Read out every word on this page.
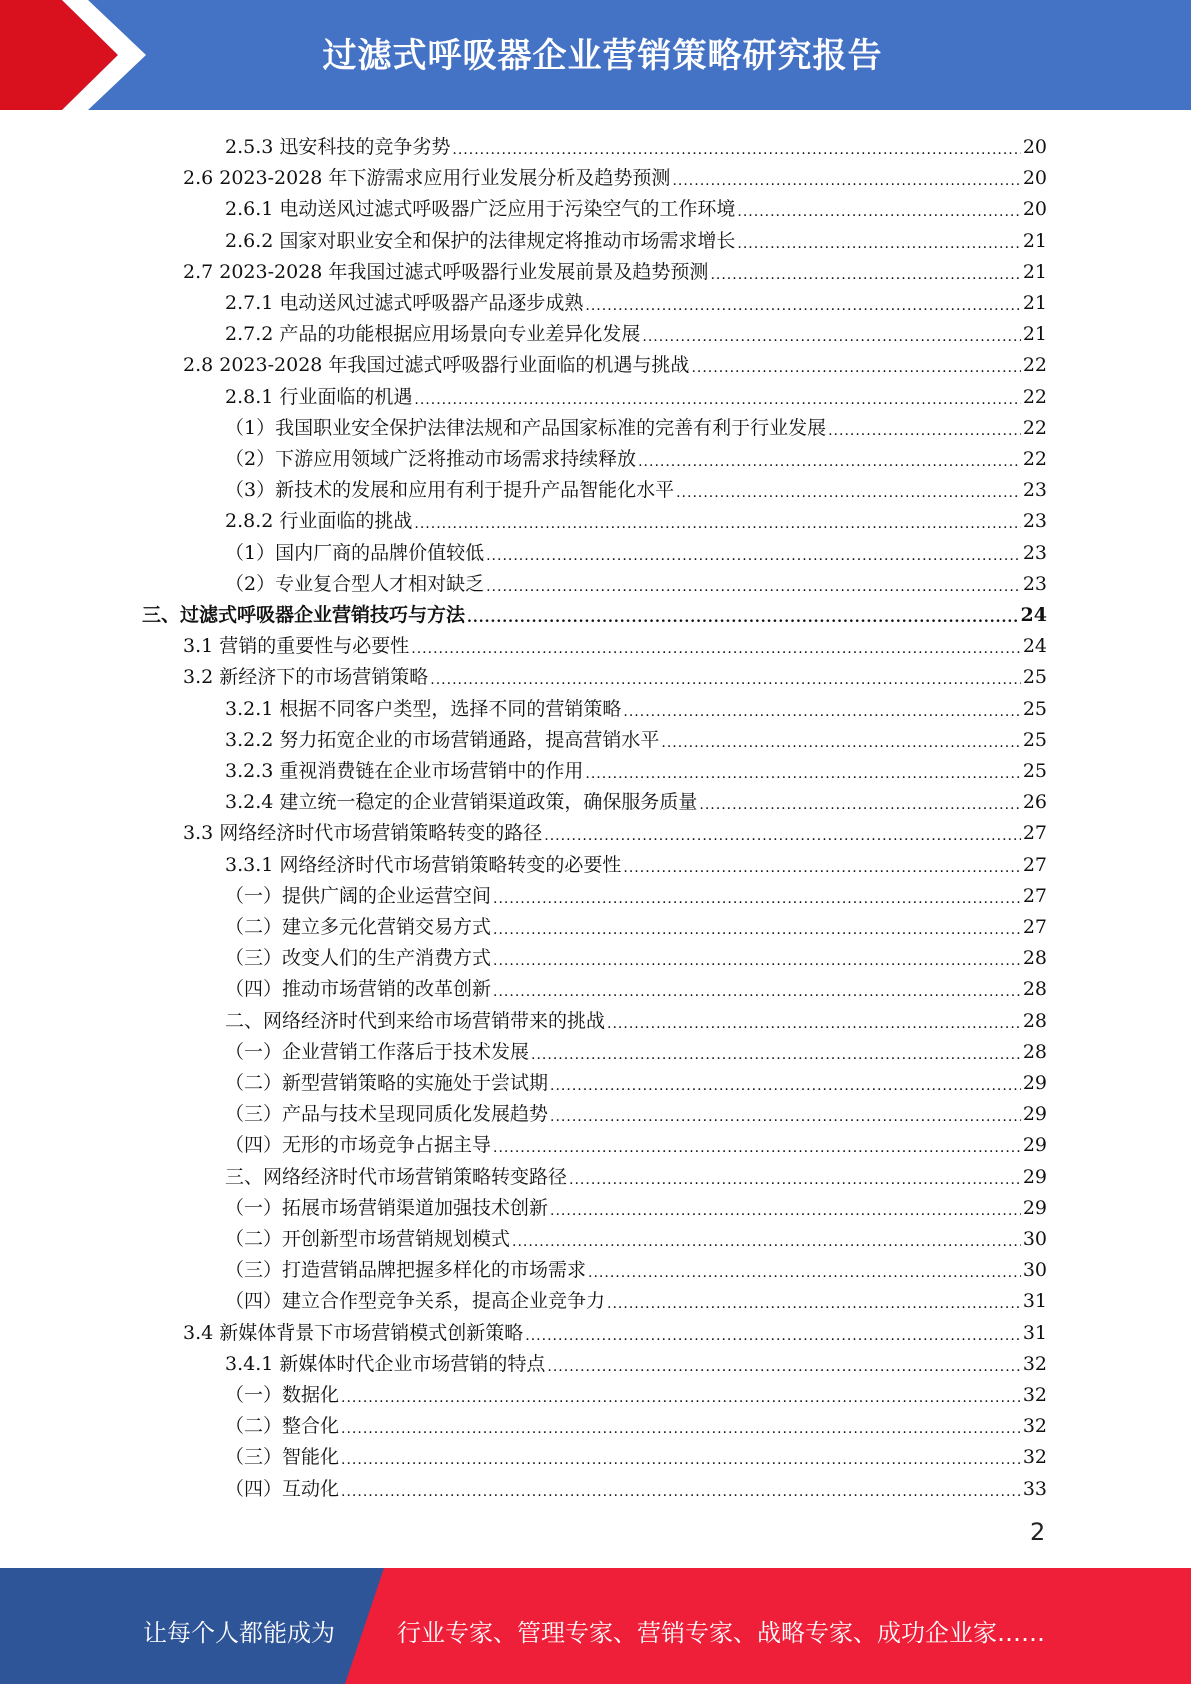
过滤式呼吸器企业营销策略研究报告
2.5.3 迅安科技的竞争劣势 .....	20
2.6 2023-2028 年下游需求应用行业发展分析及趋势预测 .....	20
2.6.1 电动送风过滤式呼吸器广泛应用于污染空气的工作环境 .....	20
2.6.2 国家对职业安全和保护的法律规定将推动市场需求增长 .....	21
2.7 2023-2028 年我国过滤式呼吸器行业发展前景及趋势预测 .....	21
2.7.1 电动送风过滤式呼吸器产品逐步成熟 .....	21
2.7.2 产品的功能根据应用场景向专业差异化发展 .....	21
2.8 2023-2028 年我国过滤式呼吸器行业面临的机遇与挑战 .....	22
2.8.1 行业面临的机遇 .....	22
（1）我国职业安全保护法律法规和产品国家标准的完善有利于行业发展 .....	22
（2）下游应用领域广泛将推动市场需求持续释放 .....	22
（3）新技术的发展和应用有利于提升产品智能化水平 .....	23
2.8.2 行业面临的挑战 .....	23
（1）国内厂商的品牌价值较低 .....	23
（2）专业复合型人才相对缺乏 .....	23
三、过滤式呼吸器企业营销技巧与方法 .....	24
3.1 营销的重要性与必要性 .....	24
3.2 新经济下的市场营销策略 .....	25
3.2.1 根据不同客户类型，选择不同的营销策略 .....	25
3.2.2 努力拓宽企业的市场营销通路，提高营销水平 .....	25
3.2.3 重视消费链在企业市场营销中的作用 .....	25
3.2.4 建立统一稳定的企业营销渠道政策，确保服务质量 .....	26
3.3 网络经济时代市场营销策略转变的路径 .....	27
3.3.1 网络经济时代市场营销策略转变的必要性 .....	27
（一）提供广阔的企业运营空间 .....	27
（二）建立多元化营销交易方式 .....	27
（三）改变人们的生产消费方式 .....	28
（四）推动市场营销的改革创新 .....	28
二、网络经济时代到来给市场营销带来的挑战 .....	28
（一）企业营销工作落后于技术发展 .....	28
（二）新型营销策略的实施处于尝试期 .....	29
（三）产品与技术呈现同质化发展趋势 .....	29
（四）无形的市场竞争占据主导 .....	29
三、网络经济时代市场营销策略转变路径 .....	29
（一）拓展市场营销渠道加强技术创新 .....	29
（二）开创新型市场营销规划模式 .....	30
（三）打造营销品牌把握多样化的市场需求 .....	30
（四）建立合作型竞争关系，提高企业竞争力 .....	31
3.4 新媒体背景下市场营销模式创新策略 .....	31
3.4.1 新媒体时代企业市场营销的特点 .....	32
（一）数据化 .....	32
（二）整合化 .....	32
（三）智能化 .....	32
（四）互动化 .....	33
2
让每个人都能成为	行业专家、管理专家、营销专家、战略专家、成功企业家……
